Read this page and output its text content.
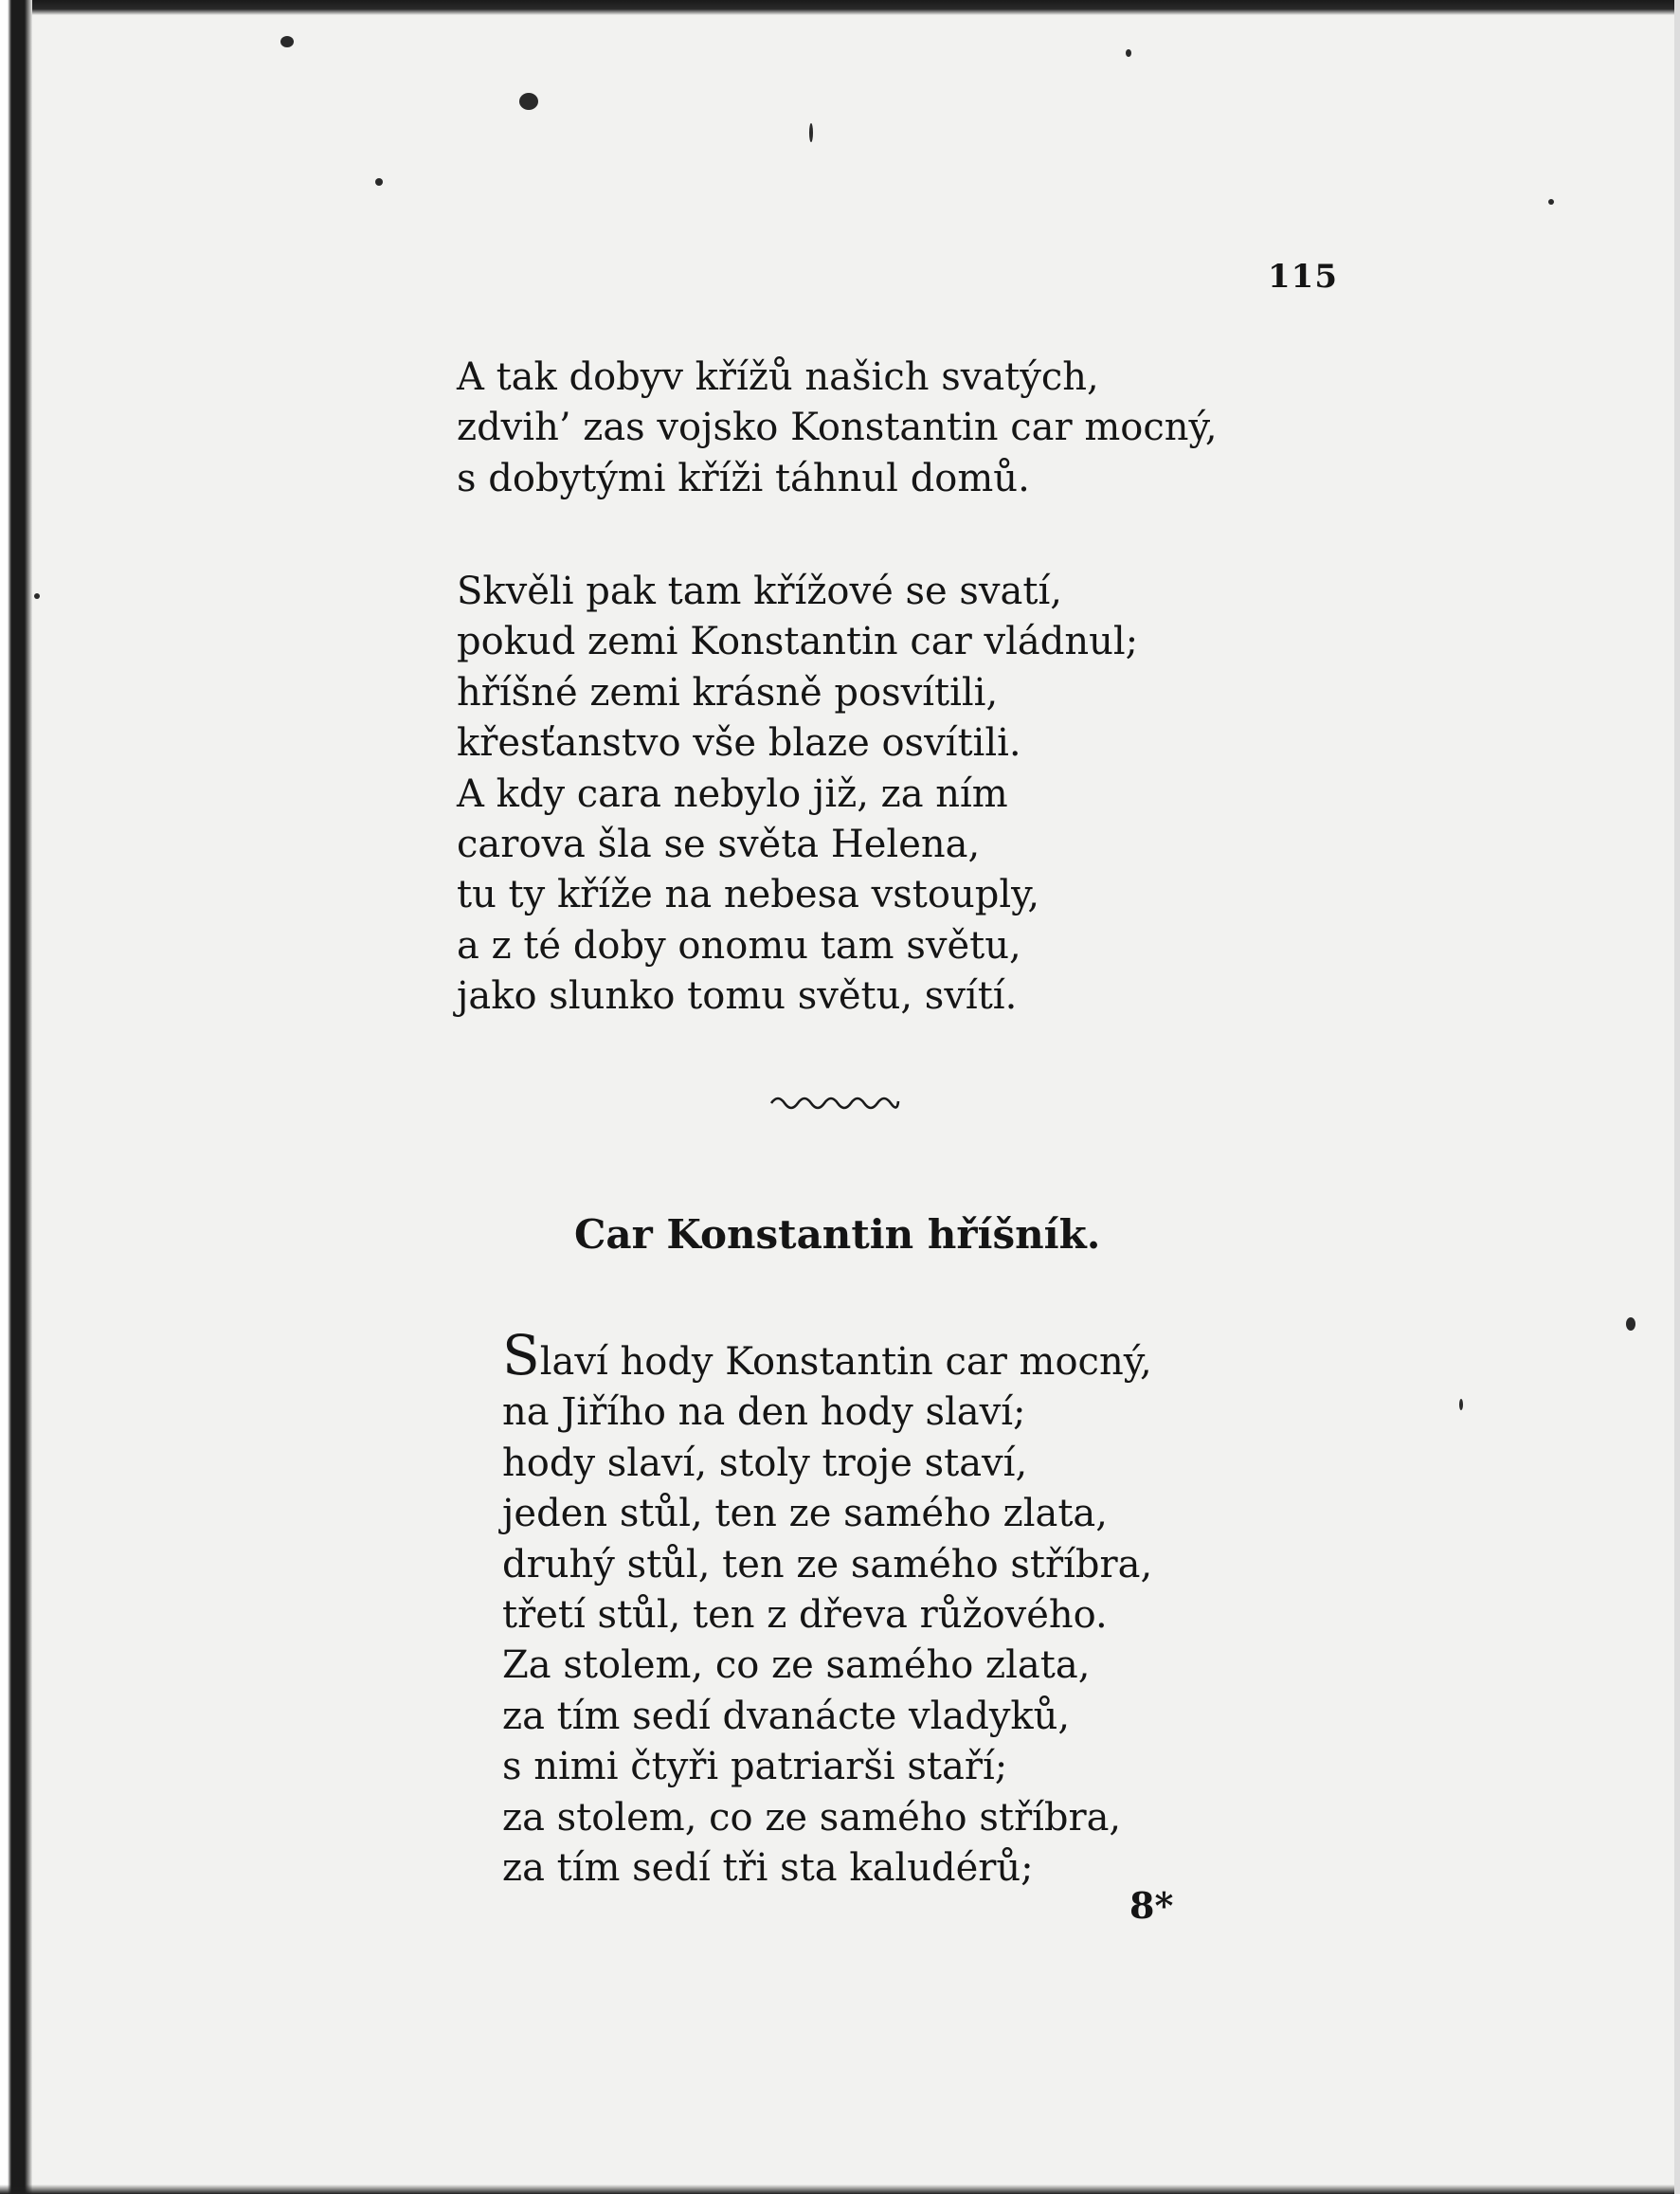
115
A tak dobyv křížů našich svatých,
zdvih’ zas vojsko Konstantin car mocný,
s dobytými kříži táhnul domů.
Skvěli pak tam křížové se svatí,
pokud zemi Konstantin car vládnul;
hříšné zemi krásně posvítili,
křesťanstvo vše blaze osvítili.
A kdy cara nebylo již, za ním
carova šla se světa Helena,
tu ty kříže na nebesa vstouply,
a z té doby onomu tam světu,
jako slunko tomu světu, svítí.
Car Konstantin hříšník.
Slaví hody Konstantin car mocný,
na Jiřího na den hody slaví;
hody slaví, stoly troje staví,
jeden stůl, ten ze samého zlata,
druhý stůl, ten ze samého stříbra,
třetí stůl, ten z dřeva růžového.
Za stolem, co ze samého zlata,
za tím sedí dvanácte vladyků,
s nimi čtyři patriarši staří;
za stolem, co ze samého stříbra,
za tím sedí tři sta kaludérů;
8*
